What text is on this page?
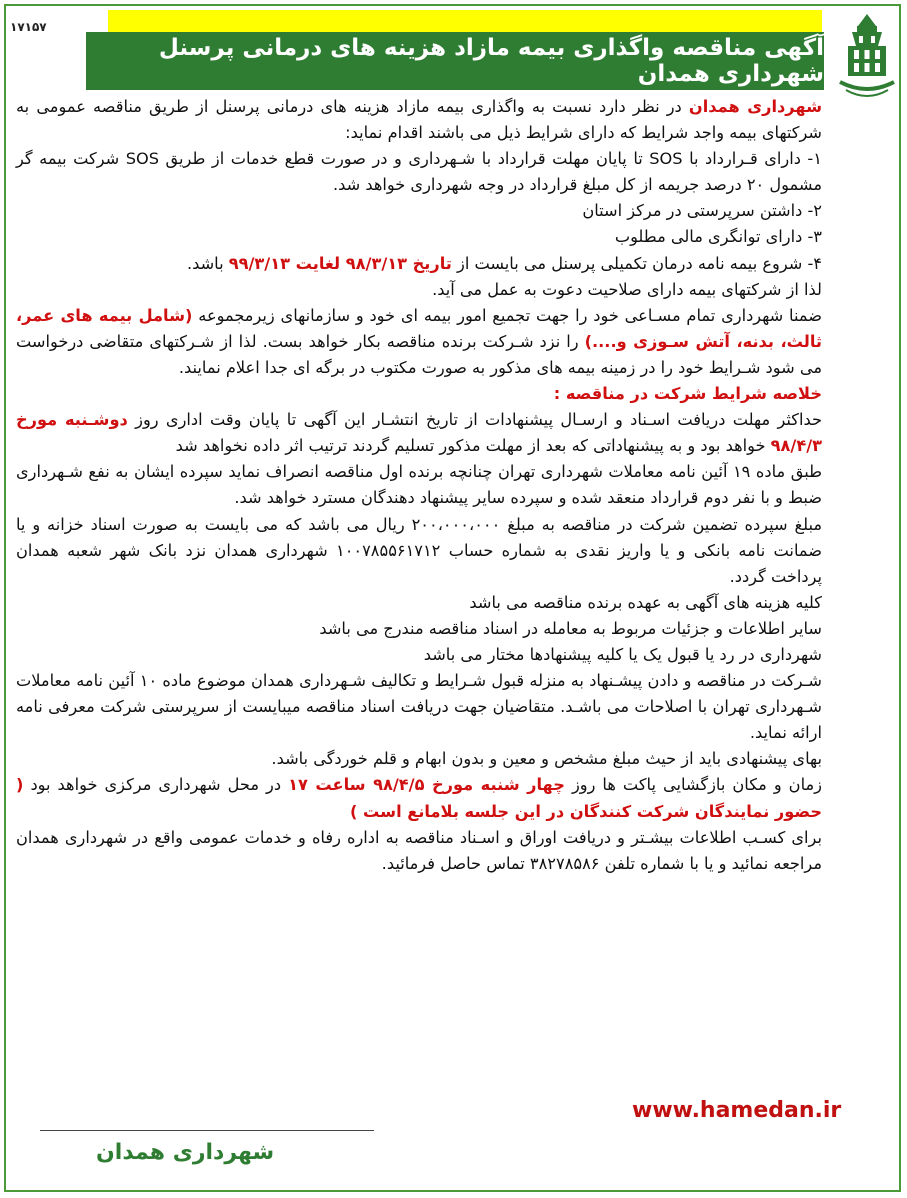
۱۷۱۵۷
آگهی مناقصه واگذاری بیمه مازاد هزینه های درمانی پرسنل شهرداری همدان

شهرداری همدان در نظر دارد نسبت به واگذاری بیمه مازاد هزینه های درمانی پرسنل از طریق مناقصه عمومی به شرکتهای بیمه واجد شرایط که دارای شرایط ذیل می باشند اقدام نماید:

۱- دارای قـرارداد با SOS تا پایان مهلت قرارداد با شـهرداری و در صورت قطع خدمات از طریق SOS شرکت بیمه گر مشمول ۲۰ درصد جریمه از کل مبلغ قرارداد در وجه شهرداری خواهد شد.

۲- داشتن سرپرستی در مرکز استان

۳- دارای توانگری مالی مطلوب

۴- شروع بیمه نامه درمان تکمیلی پرسنل می بایست از تاریخ ۹۸/۳/۱۳ لغایت ۹۹/۳/۱۳ باشد.

لذا از شرکتهای بیمه دارای صلاحیت دعوت به عمل می آید.

ضمنا شهرداری تمام مسـاعی خود را جهت تجمیع امور بیمه ای خود و سازمانهای زیرمجموعه (شامل بیمه های عمر، ثالث، بدنه، آتش سـوزی و....) را نزد شـرکت برنده مناقصه بکار خواهد بست. لذا از شـرکتهای متقاضی درخواست می شود شـرایط خود را در زمینه بیمه های مذکور به صورت مکتوب در برگه ای جدا اعلام نمایند.

خلاصه شرایط شرکت در مناقصه :

حداکثر مهلت دریافت اسـناد و ارسـال پیشنهادات از تاریخ انتشـار این آگهی تا پایان وقت اداری روز دوشـنبه مورخ ۹۸/۴/۳ خواهد بود و به پیشنهاداتی که بعد از مهلت مذکور تسلیم گردند ترتیب اثر داده نخواهد شد

طبق ماده ۱۹ آئین نامه معاملات شهرداری تهران چنانچه برنده اول مناقصه انصراف نماید سپرده ایشان به نفع شـهرداری ضبط و با نفر دوم قرارداد منعقد شده و سپرده سایر پیشنهاد دهندگان مسترد خواهد شد.

مبلغ سپرده تضمین شرکت در مناقصه به مبلغ ۲۰۰،۰۰۰،۰۰۰ ریال می باشد که می بایست به صورت اسناد خزانه و یا ضمانت نامه بانکی و یا واریز نقدی به شماره حساب ۱۰۰۷۸۵۵۶۱۷۱۲ شهرداری همدان نزد بانک شهر شعبه همدان پرداخت گردد.

کلیه هزینه های آگهی به عهده برنده مناقصه می باشد

سایر اطلاعات و جزئیات مربوط به معامله در اسناد مناقصه مندرج می باشد

شهرداری در رد یا قبول یک یا کلیه پیشنهادها مختار می باشد

شـرکت در مناقصه و دادن پیشـنهاد به منزله قبول شـرایط و تکالیف شـهرداری همدان موضوع ماده ۱۰ آئین نامه معاملات شـهرداری تهران با اصلاحات می باشـد. متقاضیان جهت دریافت اسناد مناقصه میبایست از سرپرستی شرکت معرفی نامه ارائه نماید.

بهای پیشنهادی باید از حیث مبلغ مشخص و معین و بدون ابهام و قلم خوردگی باشد.

زمان و مکان بازگشایی پاکت ها روز چهار شنبه مورخ ۹۸/۴/۵ ساعت ۱۷ در محل شهرداری مرکزی خواهد بود ( حضور نمایندگان شرکت کنندگان در این جلسه بلامانع است )

برای کسـب اطلاعات بیشـتر و دریافت اوراق و اسـناد مناقصه به اداره رفاه و خدمات عمومی واقع در شهرداری همدان مراجعه نمائید و یا با شماره تلفن ۳۸۲۷۸۵۸۶ تماس حاصل فرمائید.

www.hamedan.ir
شهرداری همدان
